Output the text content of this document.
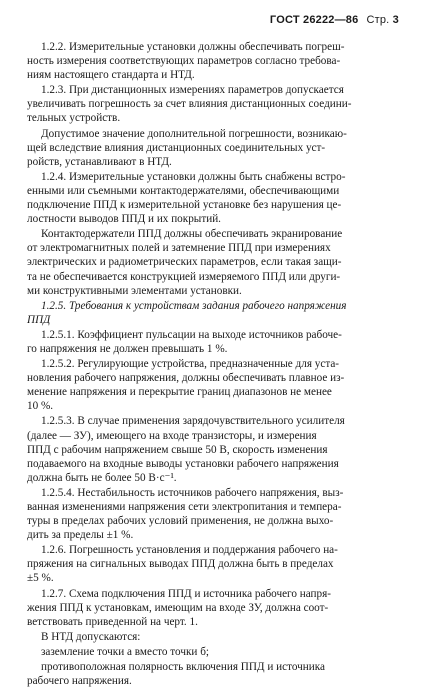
ГОСТ 26222—86 Стр. 3
1.2.2. Измерительные установки должны обеспечивать погреш-
ность измерения соответствующих параметров согласно требова-
ниям настоящего стандарта и НТД.
1.2.3. При дистанционных измерениях параметров допускается
увеличивать погрешность за счет влияния дистанционных соедини-
тельных устройств.
Допустимое значение дополнительной погрешности, возникаю-
щей вследствие влияния дистанционных соединительных уст-
ройств, устанавливают в НТД.
1.2.4. Измерительные установки должны быть снабжены встро-
енными или съемными контактодержателями, обеспечивающими
подключение ППД к измерительной установке без нарушения це-
лостности выводов ППД и их покрытий.
Контактодержатели ППД должны обеспечивать экранирование
от электромагнитных полей и затемнение ППД при измерениях
электрических и радиометрических параметров, если такая защи-
та не обеспечивается конструкцией измеряемого ППД или други-
ми конструктивными элементами установки.
1.2.5. Требования к устройствам задания рабочего напряжения
ППД
1.2.5.1. Коэффициент пульсации на выходе источников рабоче-
го напряжения не должен превышать 1 %.
1.2.5.2. Регулирующие устройства, предназначенные для уста-
новления рабочего напряжения, должны обеспечивать плавное из-
менение напряжения и перекрытие границ диапазонов не менее
10 %.
1.2.5.3. В случае применения зарядочувствительного усилителя
(далее — ЗУ), имеющего на входе транзисторы, и измерения
ППД с рабочим напряжением свыше 50 В, скорость изменения
подаваемого на входные выводы установки рабочего напряжения
должна быть не более 50 В·с⁻¹.
1.2.5.4. Нестабильность источников рабочего напряжения, выз-
ванная изменениями напряжения сети электропитания и темпера-
туры в пределах рабочих условий применения, не должна выхо-
дить за пределы ±1 %.
1.2.6. Погрешность установления и поддержания рабочего на-
пряжения на сигнальных выводах ППД должна быть в пределах
±5 %.
1.2.7. Схема подключения ППД и источника рабочего напря-
жения ППД к установкам, имеющим на входе ЗУ, должна соот-
ветствовать приведенной на черт. 1.
В НТД допускаются:
заземление точки а вместо точки б;
противоположная полярность включения ППД и источника
рабочего напряжения.
